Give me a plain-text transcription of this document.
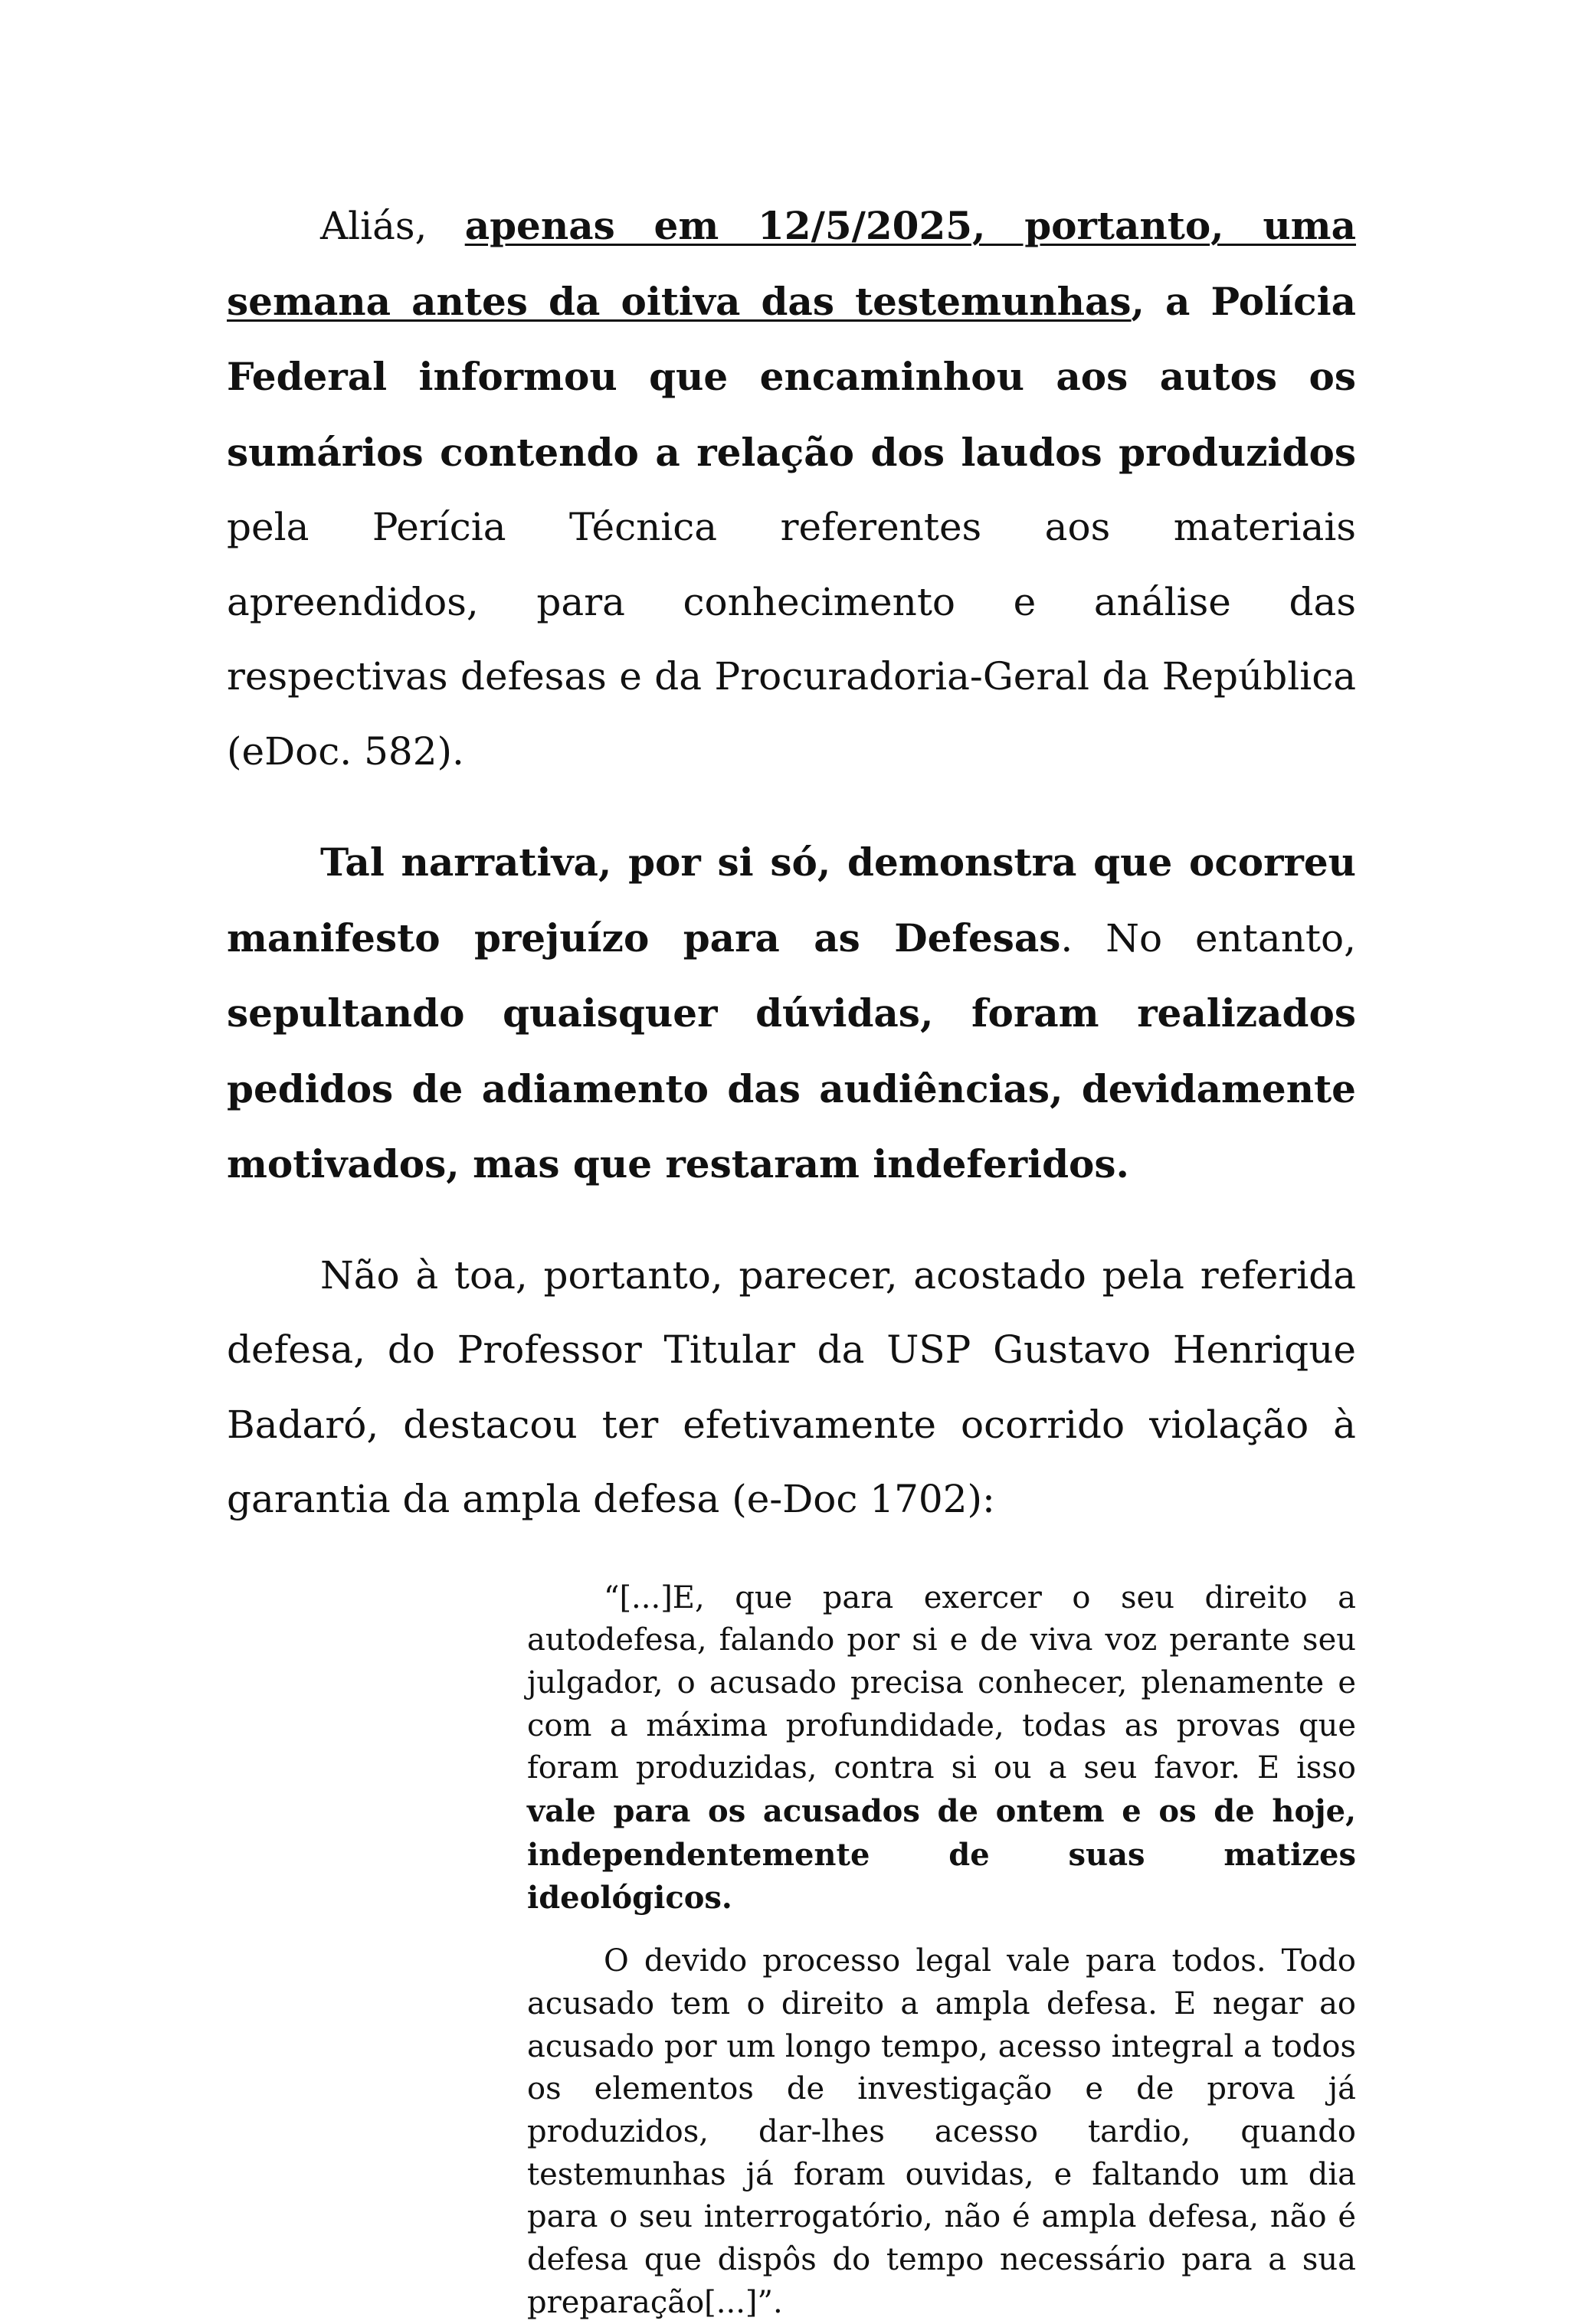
Aliás, apenas em 12/5/2025, portanto, uma semana antes da oitiva das testemunhas, a Polícia Federal informou que encaminhou aos autos os sumários contendo a relação dos laudos produzidos pela Perícia Técnica referentes aos materiais apreendidos, para conhecimento e análise das respectivas defesas e da Procuradoria-Geral da República (eDoc. 582).

Tal narrativa, por si só, demonstra que ocorreu manifesto prejuízo para as Defesas. No entanto, sepultando quaisquer dúvidas, foram realizados pedidos de adiamento das audiências, devidamente motivados, mas que restaram indeferidos.

Não à toa, portanto, parecer, acostado pela referida defesa, do Professor Titular da USP Gustavo Henrique Badaró, destacou ter efetivamente ocorrido violação à garantia da ampla defesa (e-Doc 1702):

“[...]E, que para exercer o seu direito a autodefesa, falando por si e de viva voz perante seu julgador, o acusado precisa conhecer, plenamente e com a máxima profundidade, todas as provas que foram produzidas, contra si ou a seu favor. E isso vale para os acusados de ontem e os de hoje, independentemente de suas matizes ideológicos.

O devido processo legal vale para todos. Todo acusado tem o direito a ampla defesa. E negar ao acusado por um longo tempo, acesso integral a todos os elementos de investigação e de prova já produzidos, dar-lhes acesso tardio, quando testemunhas já foram ouvidas, e faltando um dia para o seu interrogatório, não é ampla defesa, não é defesa que dispôs do tempo necessário para a sua preparação[...]”.
